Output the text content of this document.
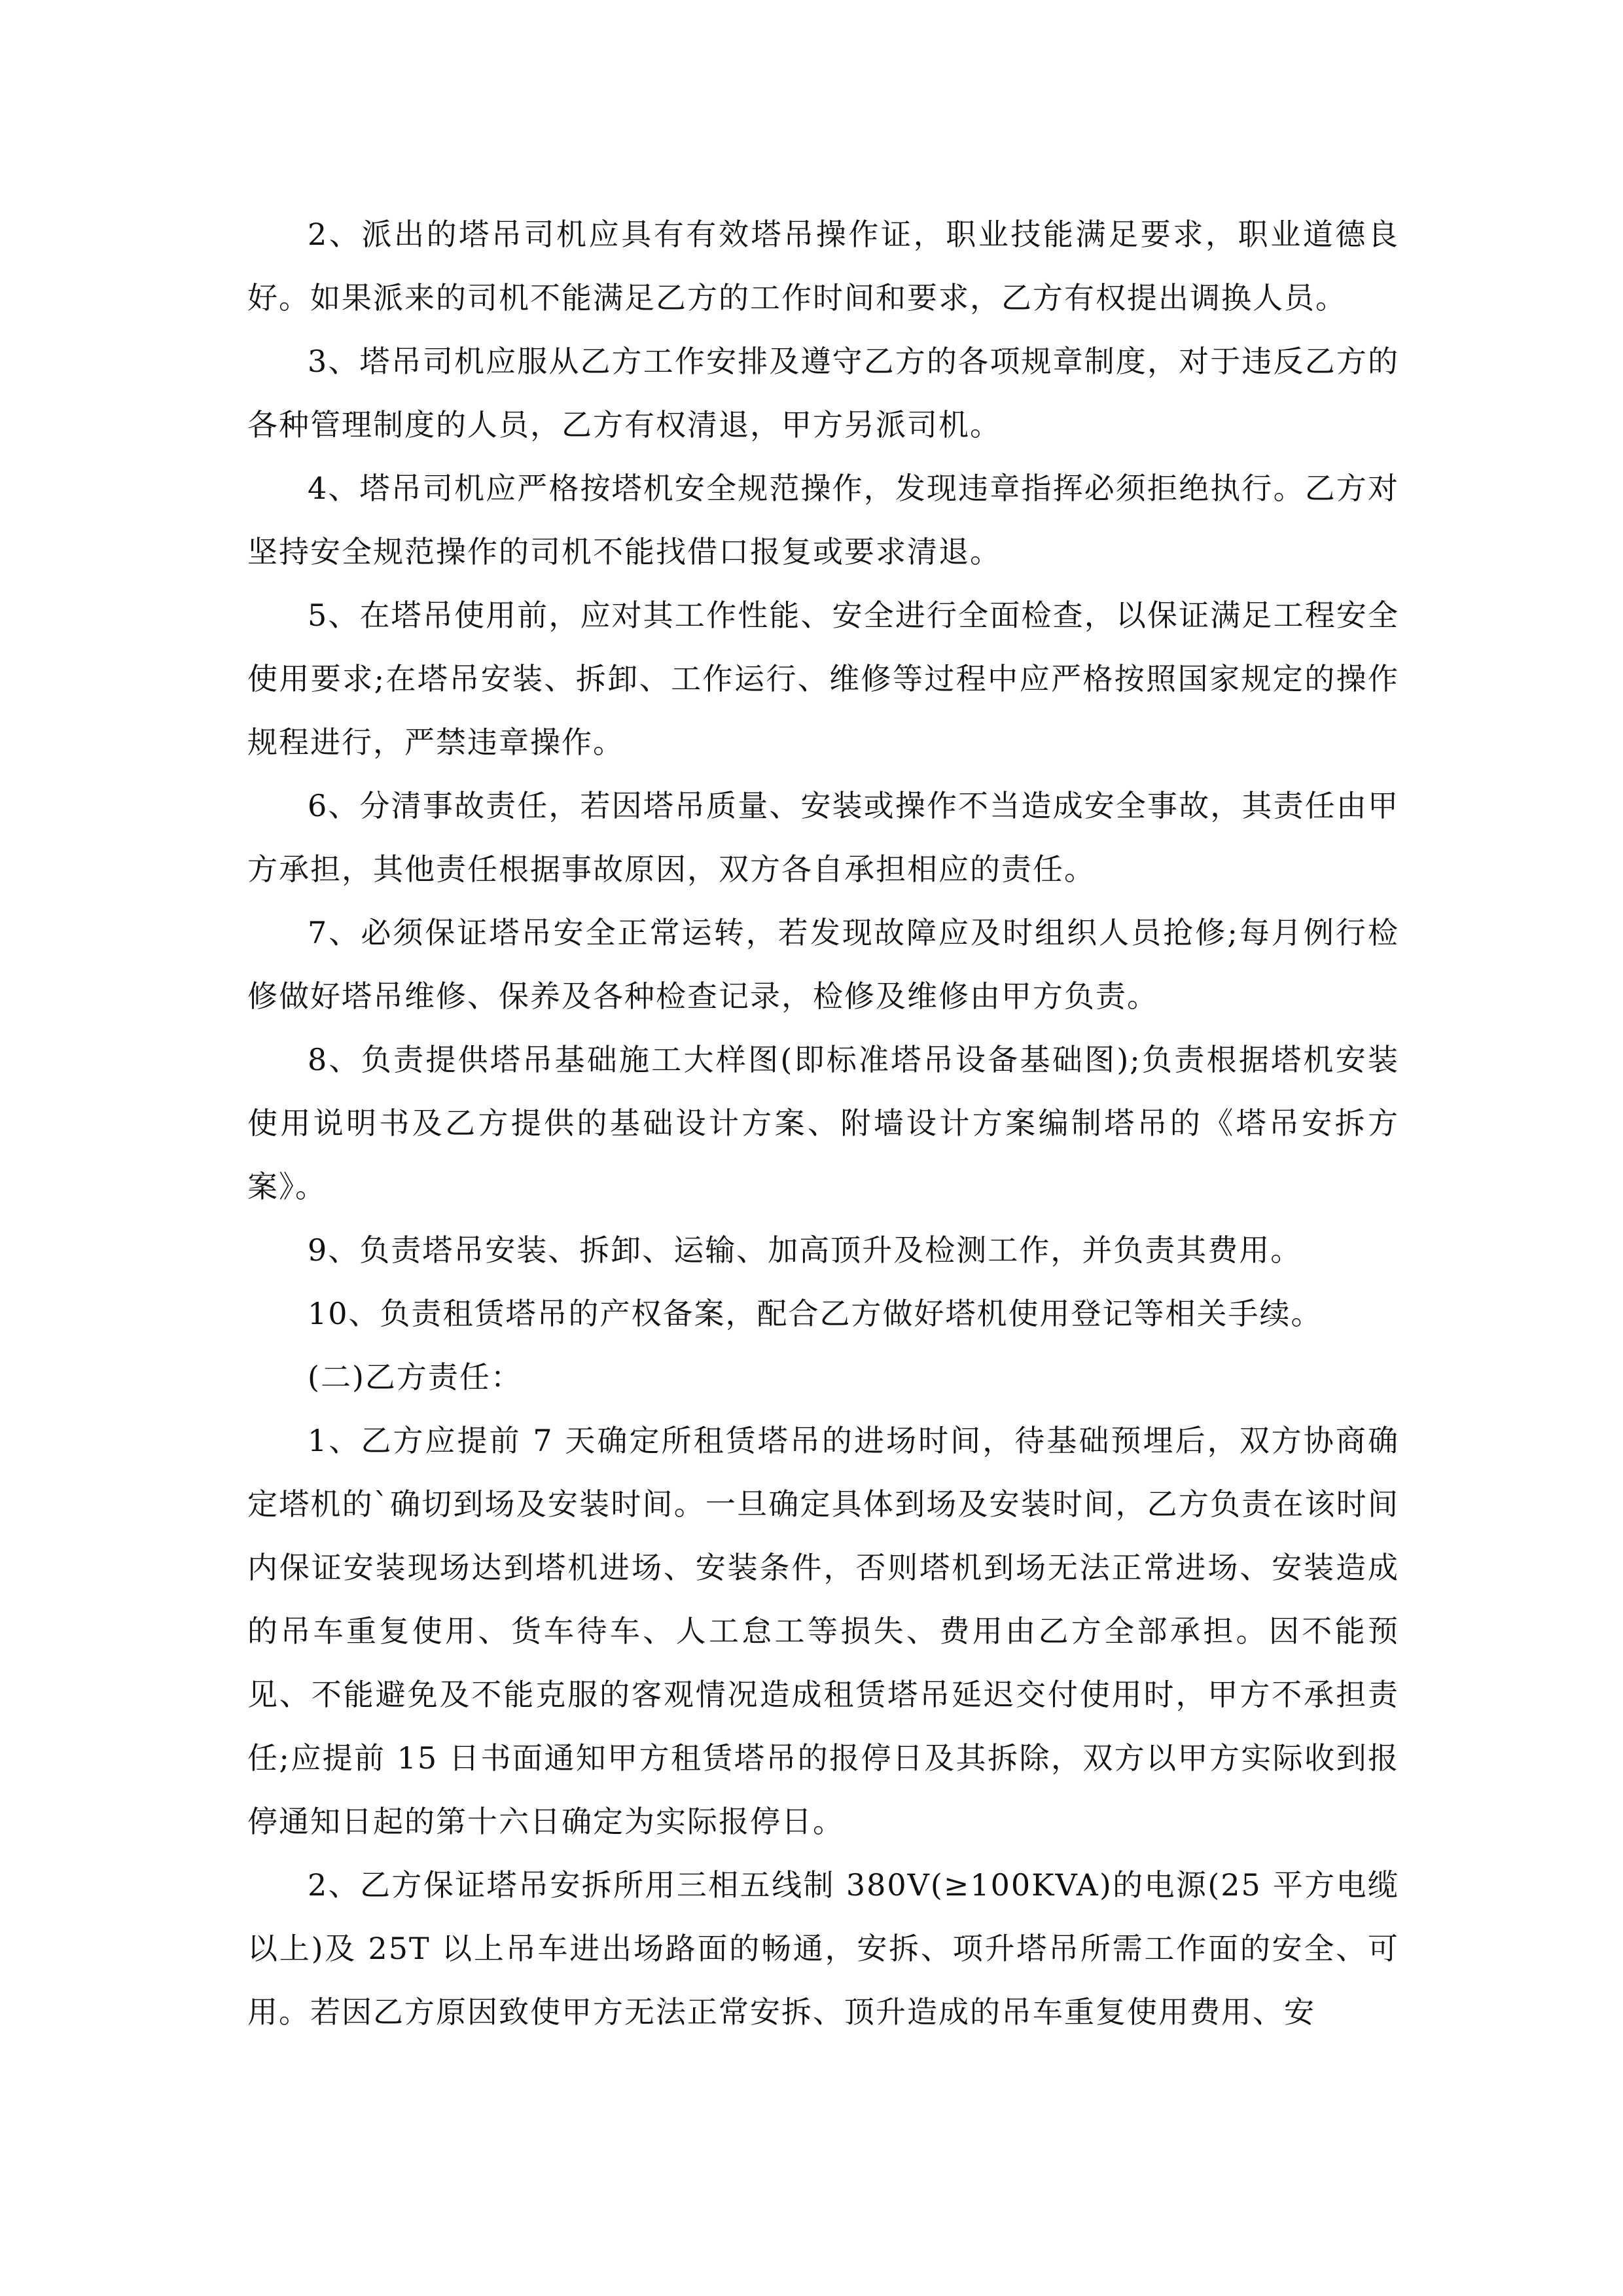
2、派出的塔吊司机应具有有效塔吊操作证，职业技能满足要求，职业道德良好。如果派来的司机不能满足乙方的工作时间和要求，乙方有权提出调换人员。

3、塔吊司机应服从乙方工作安排及遵守乙方的各项规章制度，对于违反乙方的各种管理制度的人员，乙方有权清退，甲方另派司机。

4、塔吊司机应严格按塔机安全规范操作，发现违章指挥必须拒绝执行。乙方对坚持安全规范操作的司机不能找借口报复或要求清退。

5、在塔吊使用前，应对其工作性能、安全进行全面检查，以保证满足工程安全使用要求;在塔吊安装、拆卸、工作运行、维修等过程中应严格按照国家规定的操作规程进行，严禁违章操作。

6、分清事故责任，若因塔吊质量、安装或操作不当造成安全事故，其责任由甲方承担，其他责任根据事故原因，双方各自承担相应的责任。

7、必须保证塔吊安全正常运转，若发现故障应及时组织人员抢修;每月例行检修做好塔吊维修、保养及各种检查记录，检修及维修由甲方负责。

8、负责提供塔吊基础施工大样图(即标准塔吊设备基础图);负责根据塔机安装使用说明书及乙方提供的基础设计方案、附墙设计方案编制塔吊的《塔吊安拆方案》。

9、负责塔吊安装、拆卸、运输、加高顶升及检测工作，并负责其费用。

10、负责租赁塔吊的产权备案，配合乙方做好塔机使用登记等相关手续。

(二)乙方责任：

1、乙方应提前 7 天确定所租赁塔吊的进场时间，待基础预埋后，双方协商确定塔机的`确切到场及安装时间。一旦确定具体到场及安装时间，乙方负责在该时间内保证安装现场达到塔机进场、安装条件，否则塔机到场无法正常进场、安装造成的吊车重复使用、货车待车、人工怠工等损失、费用由乙方全部承担。因不能预见、不能避免及不能克服的客观情况造成租赁塔吊延迟交付使用时，甲方不承担责任;应提前 15 日书面通知甲方租赁塔吊的报停日及其拆除，双方以甲方实际收到报停通知日起的第十六日确定为实际报停日。

2、乙方保证塔吊安拆所用三相五线制 380V(≥100KVA)的电源(25 平方电缆以上)及 25T 以上吊车进出场路面的畅通，安拆、项升塔吊所需工作面的安全、可用。若因乙方原因致使甲方无法正常安拆、顶升造成的吊车重复使用费用、安
